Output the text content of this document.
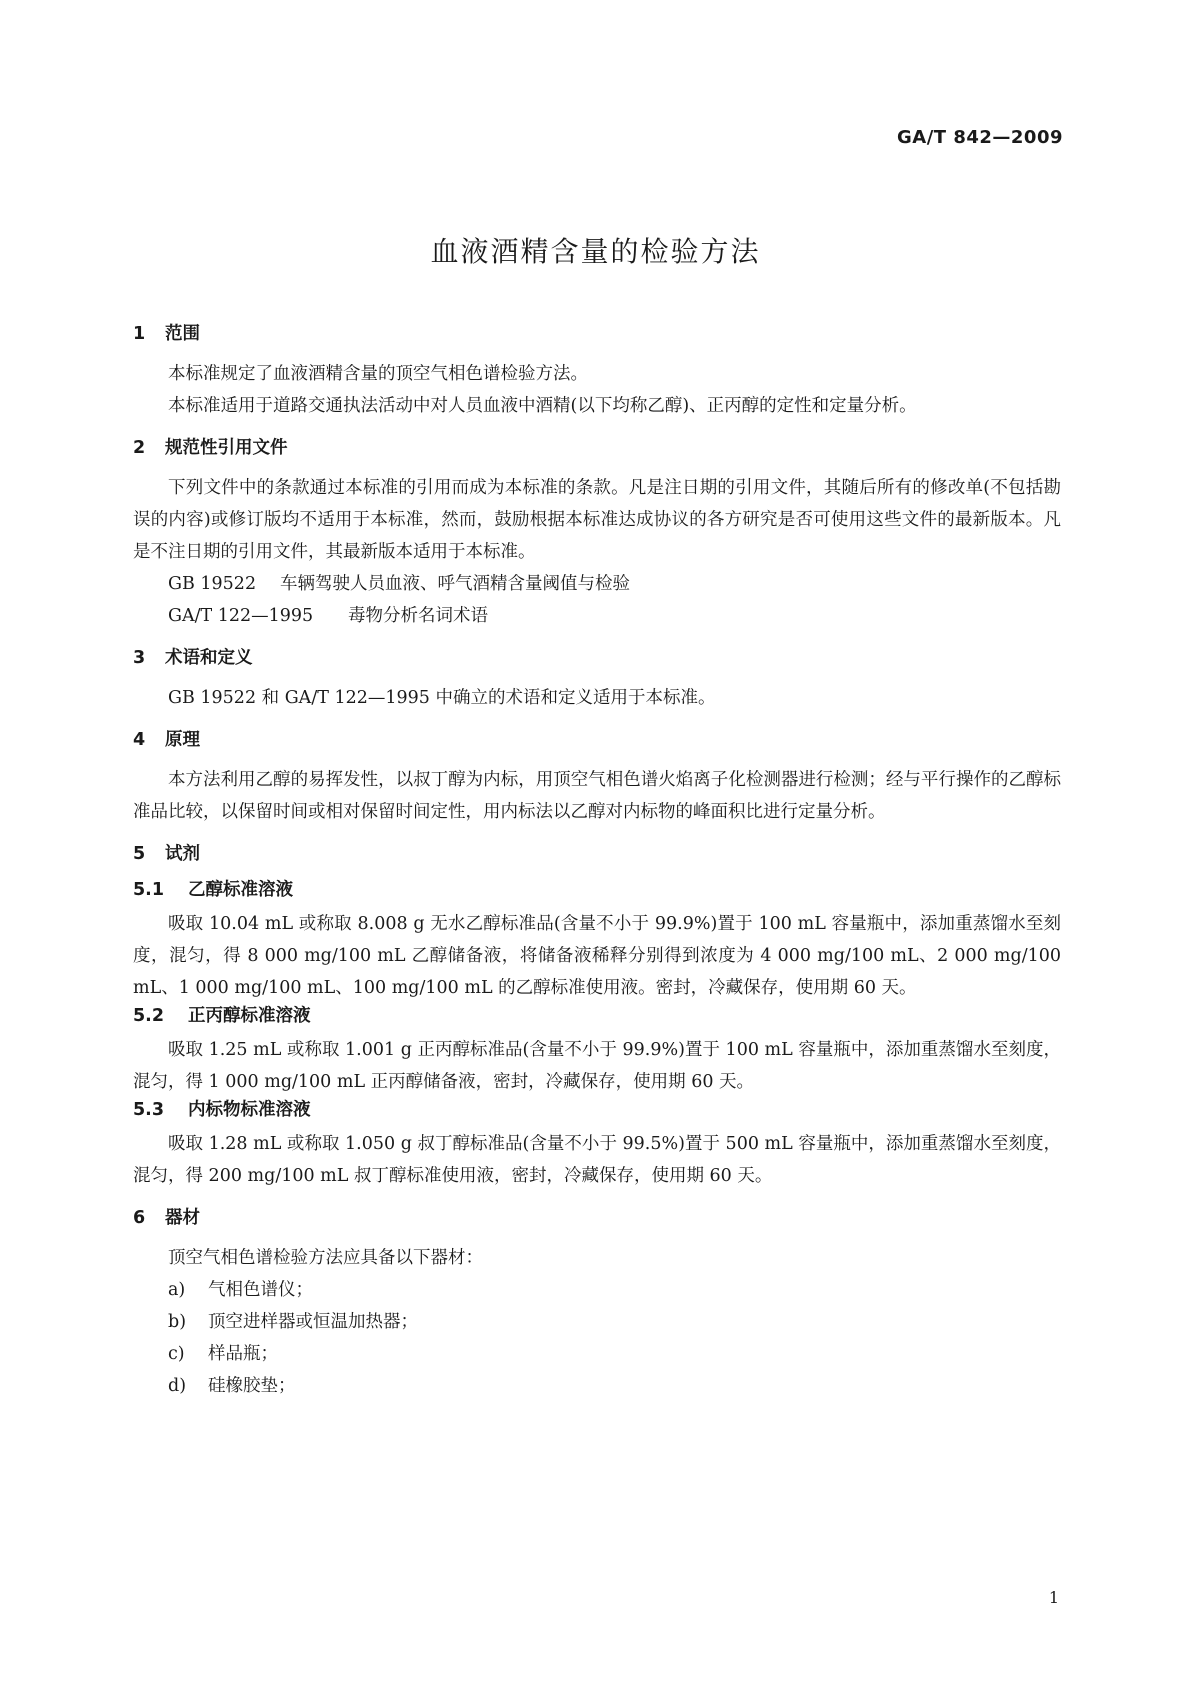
GA/T 842—2009
血液酒精含量的检验方法
1 范围

本标准规定了血液酒精含量的顶空气相色谱检验方法。

本标准适用于道路交通执法活动中对人员血液中酒精(以下均称乙醇)、正丙醇的定性和定量分析。

2 规范性引用文件

下列文件中的条款通过本标准的引用而成为本标准的条款。凡是注日期的引用文件，其随后所有的修改单(不包括勘误的内容)或修订版均不适用于本标准，然而，鼓励根据本标准达成协议的各方研究是否可使用这些文件的最新版本。凡是不注日期的引用文件，其最新版本适用于本标准。

GB 19522 车辆驾驶人员血液、呼气酒精含量阈值与检验
GA/T 122—1995 毒物分析名词术语
3 术语和定义

GB 19522 和 GA/T 122—1995 中确立的术语和定义适用于本标准。

4 原理

本方法利用乙醇的易挥发性，以叔丁醇为内标，用顶空气相色谱火焰离子化检测器进行检测；经与平行操作的乙醇标准品比较，以保留时间或相对保留时间定性，用内标法以乙醇对内标物的峰面积比进行定量分析。

5 试剂
5.1 乙醇标准溶液

吸取 10.04 mL 或称取 8.008 g 无水乙醇标准品(含量不小于 99.9%)置于 100 mL 容量瓶中，添加重蒸馏水至刻度，混匀，得 8 000 mg/100 mL 乙醇储备液，将储备液稀释分别得到浓度为 4 000 mg/100 mL、2 000 mg/100 mL、1 000 mg/100 mL、100 mg/100 mL 的乙醇标准使用液。密封，冷藏保存，使用期 60 天。

5.2 正丙醇标准溶液

吸取 1.25 mL 或称取 1.001 g 正丙醇标准品(含量不小于 99.9%)置于 100 mL 容量瓶中，添加重蒸馏水至刻度，混匀，得 1 000 mg/100 mL 正丙醇储备液，密封，冷藏保存，使用期 60 天。

5.3 内标物标准溶液

吸取 1.28 mL 或称取 1.050 g 叔丁醇标准品(含量不小于 99.5%)置于 500 mL 容量瓶中，添加重蒸馏水至刻度，混匀，得 200 mg/100 mL 叔丁醇标准使用液，密封，冷藏保存，使用期 60 天。

6 器材

顶空气相色谱检验方法应具备以下器材：

a) 气相色谱仪；
b) 顶空进样器或恒温加热器；
c) 样品瓶；
d) 硅橡胶垫；
1
